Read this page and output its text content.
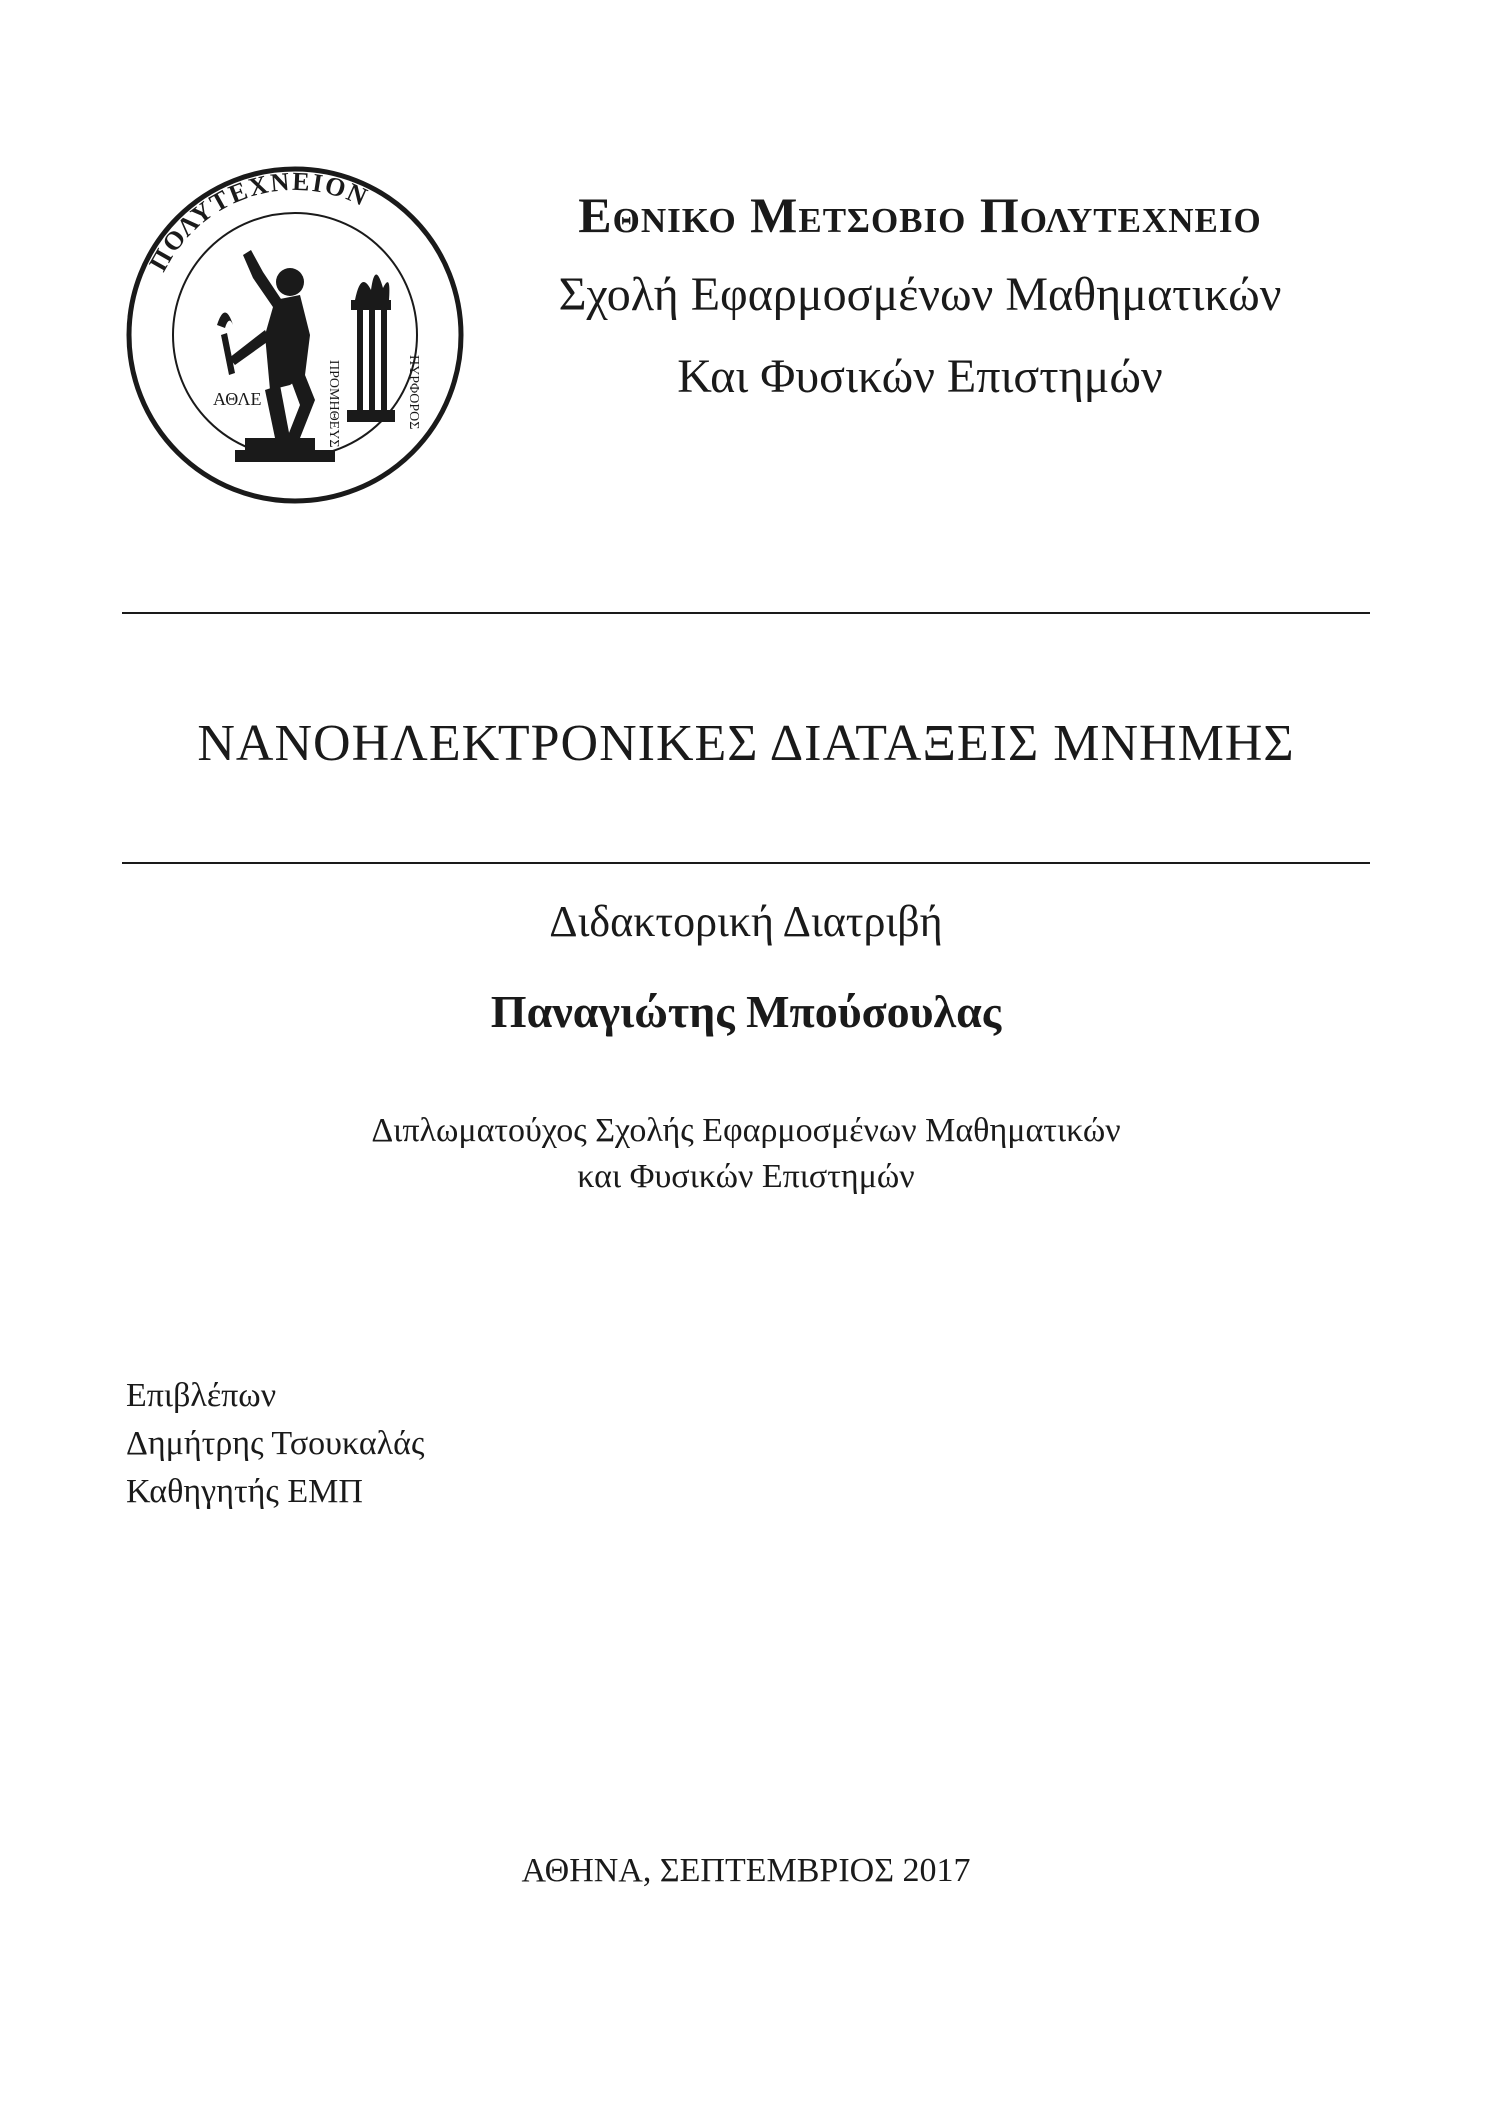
ΠΟΛΥΤΕΧΝΕΙΟΝ
ΠΡΟΜΗΘΕΥΣ	ΠΥΡΦΟΡΟΣ
ΑΘΛΕ
Εθνικο Μετσοβιο Πολυτεχνειο
Σχολή Εφαρμοσμένων Μαθηματικών
Και Φυσικών Επιστημών
ΝΑΝΟΗΛΕΚΤΡΟΝΙΚΕΣ ΔΙΑΤΑΞΕΙΣ ΜΝΗΜΗΣ
Διδακτορική Διατριβή
Παναγιώτης Μπούσουλας
Διπλωματούχος Σχολής Εφαρμοσμένων Μαθηματικών
και Φυσικών Επιστημών
Επιβλέπων
Δημήτρης Τσουκαλάς
Καθηγητής ΕΜΠ
ΑΘΗΝΑ, ΣΕΠΤΕΜΒΡΙΟΣ 2017
